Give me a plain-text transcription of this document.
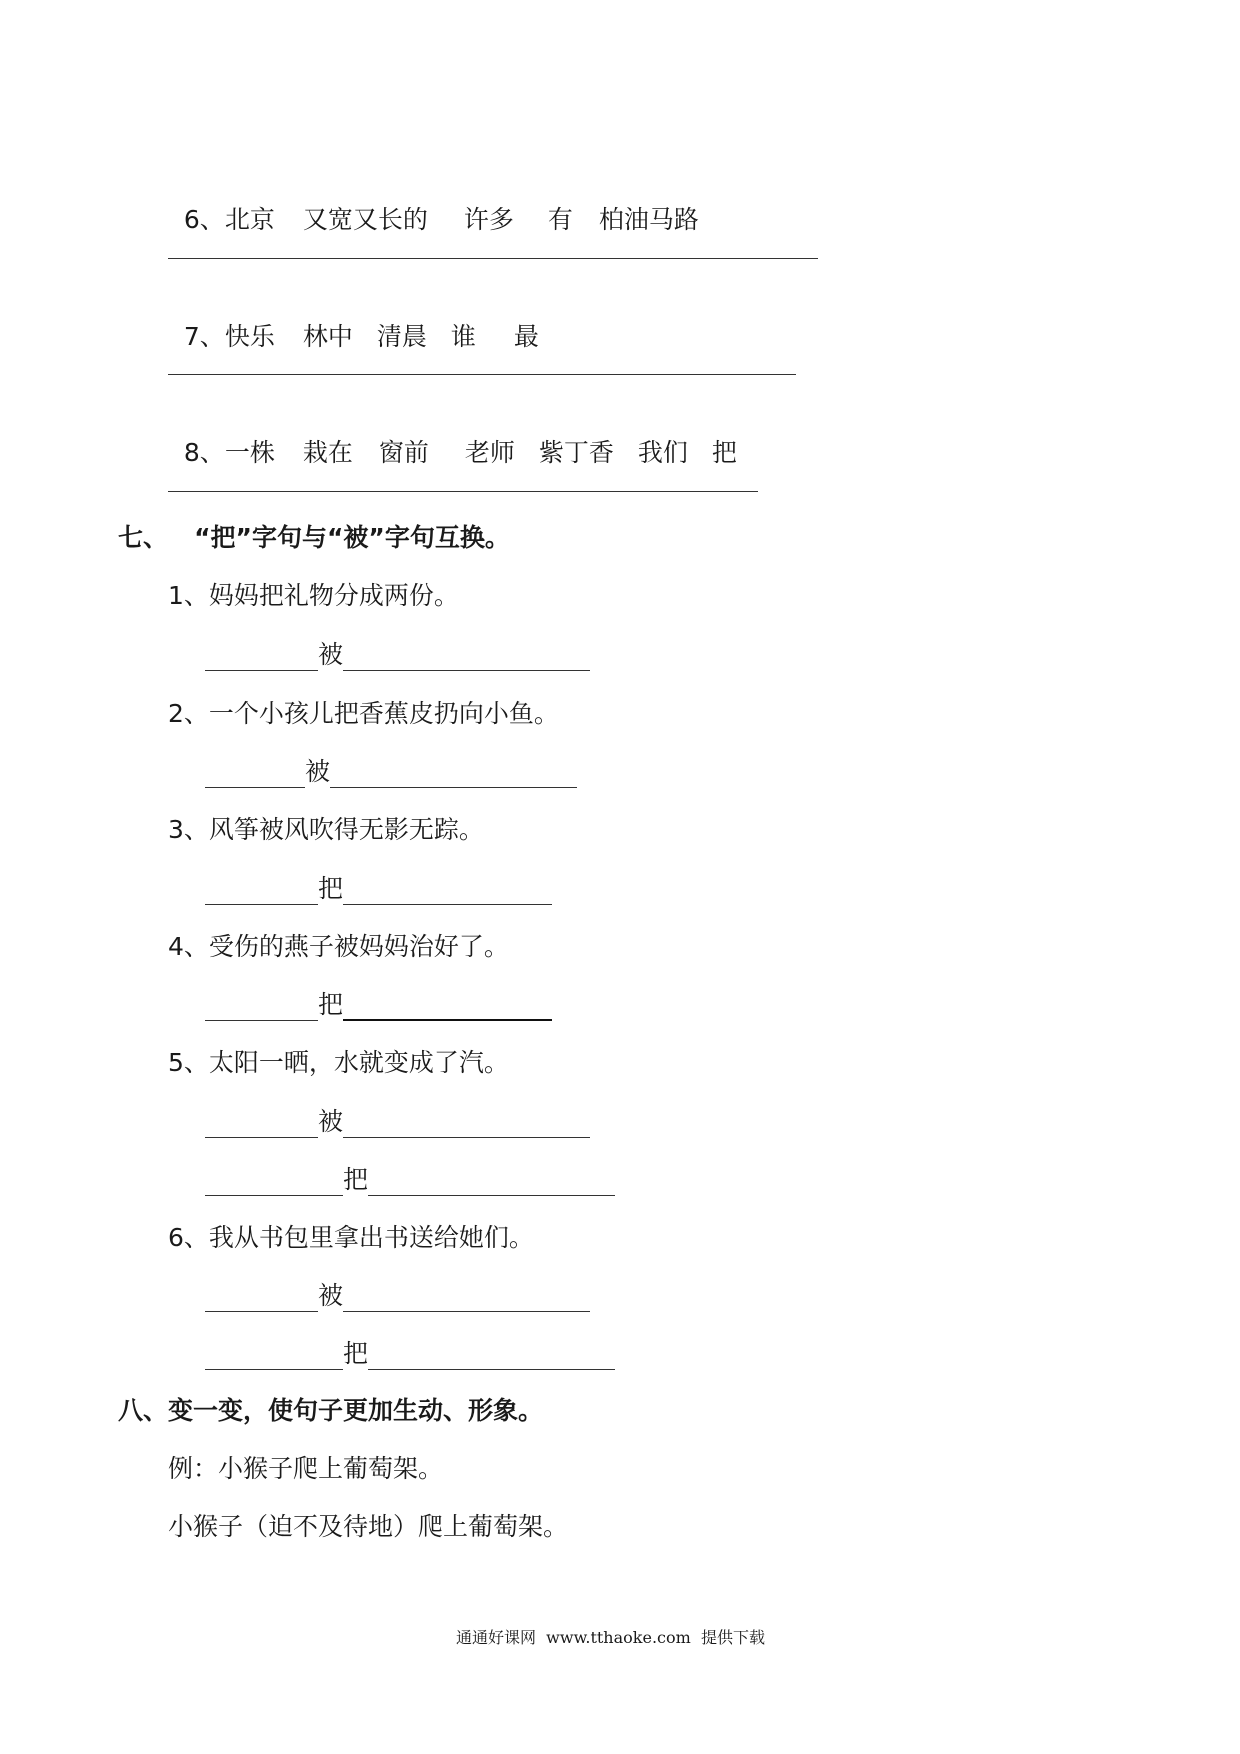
6、北京 又宽又长的 许多 有 柏油马路

7、快乐 林中 清晨 谁 最

8、一株 栽在 窗前 老师 紫丁香 我们 把

七、   “把”字句与“被”字句互换。
1、妈妈把礼物分成两份。
被
2、一个小孩儿把香蕉皮扔向小鱼。
被
3、风筝被风吹得无影无踪。
把
4、受伤的燕子被妈妈治好了。
把
5、太阳一晒，水就变成了汽。
被
把
6、我从书包里拿出书送给她们。
被
把
八、变一变，使句子更加生动、形象。
例：小猴子爬上葡萄架。
小猴子（迫不及待地）爬上葡萄架。
通通好课网  www.tthaoke.com  提供下载
